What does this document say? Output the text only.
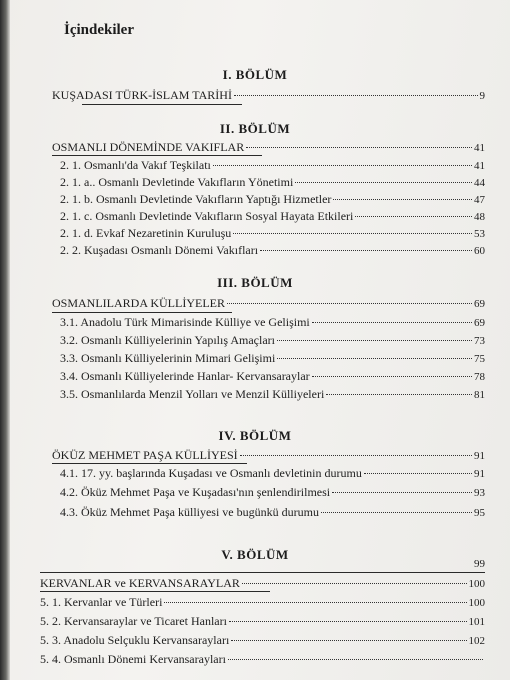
İçindekiler
I. BÖLÜM
KUŞADASI TÜRK-İSLAM TARİHİ	9
II. BÖLÜM
OSMANLI DÖNEMİNDE VAKIFLAR	41
2. 1. Osmanlı'da Vakıf Teşkilatı	41
2. 1. a.. Osmanlı Devletinde Vakıfların Yönetimi	44
2. 1. b. Osmanlı Devletinde Vakıfların Yaptığı Hizmetler	47
2. 1. c. Osmanlı Devletinde Vakıfların Sosyal Hayata Etkileri	48
2. 1. d. Evkaf Nezaretinin Kuruluşu	53
2. 2. Kuşadası Osmanlı Dönemi Vakıfları	60
III. BÖLÜM
OSMANLILARDA KÜLLİYELER	69
3.1. Anadolu Türk Mimarisinde Külliye ve Gelişimi	69
3.2. Osmanlı Külliyelerinin Yapılış Amaçları	73
3.3. Osmanlı Külliyelerinin Mimari Gelişimi	75
3.4. Osmanlı Külliyelerinde Hanlar- Kervansaraylar	78
3.5. Osmanlılarda Menzil Yolları ve Menzil Külliyeleri	81
IV. BÖLÜM
ÖKÜZ MEHMET PAŞA KÜLLİYESİ	91
4.1. 17. yy. başlarında Kuşadası ve Osmanlı devletinin durumu	91
4.2. Öküz Mehmet Paşa ve Kuşadası'nın şenlendirilmesi	93
4.3. Öküz Mehmet Paşa külliyesi ve bugünkü durumu	95
V. BÖLÜM
99
KERVANLAR ve KERVANSARAYLAR	100
5. 1. Kervanlar ve Türleri	100
5. 2. Kervansaraylar ve Ticaret Hanları	101
5. 3. Anadolu Selçuklu Kervansarayları	102
5. 4. Osmanlı Dönemi Kervansarayları
